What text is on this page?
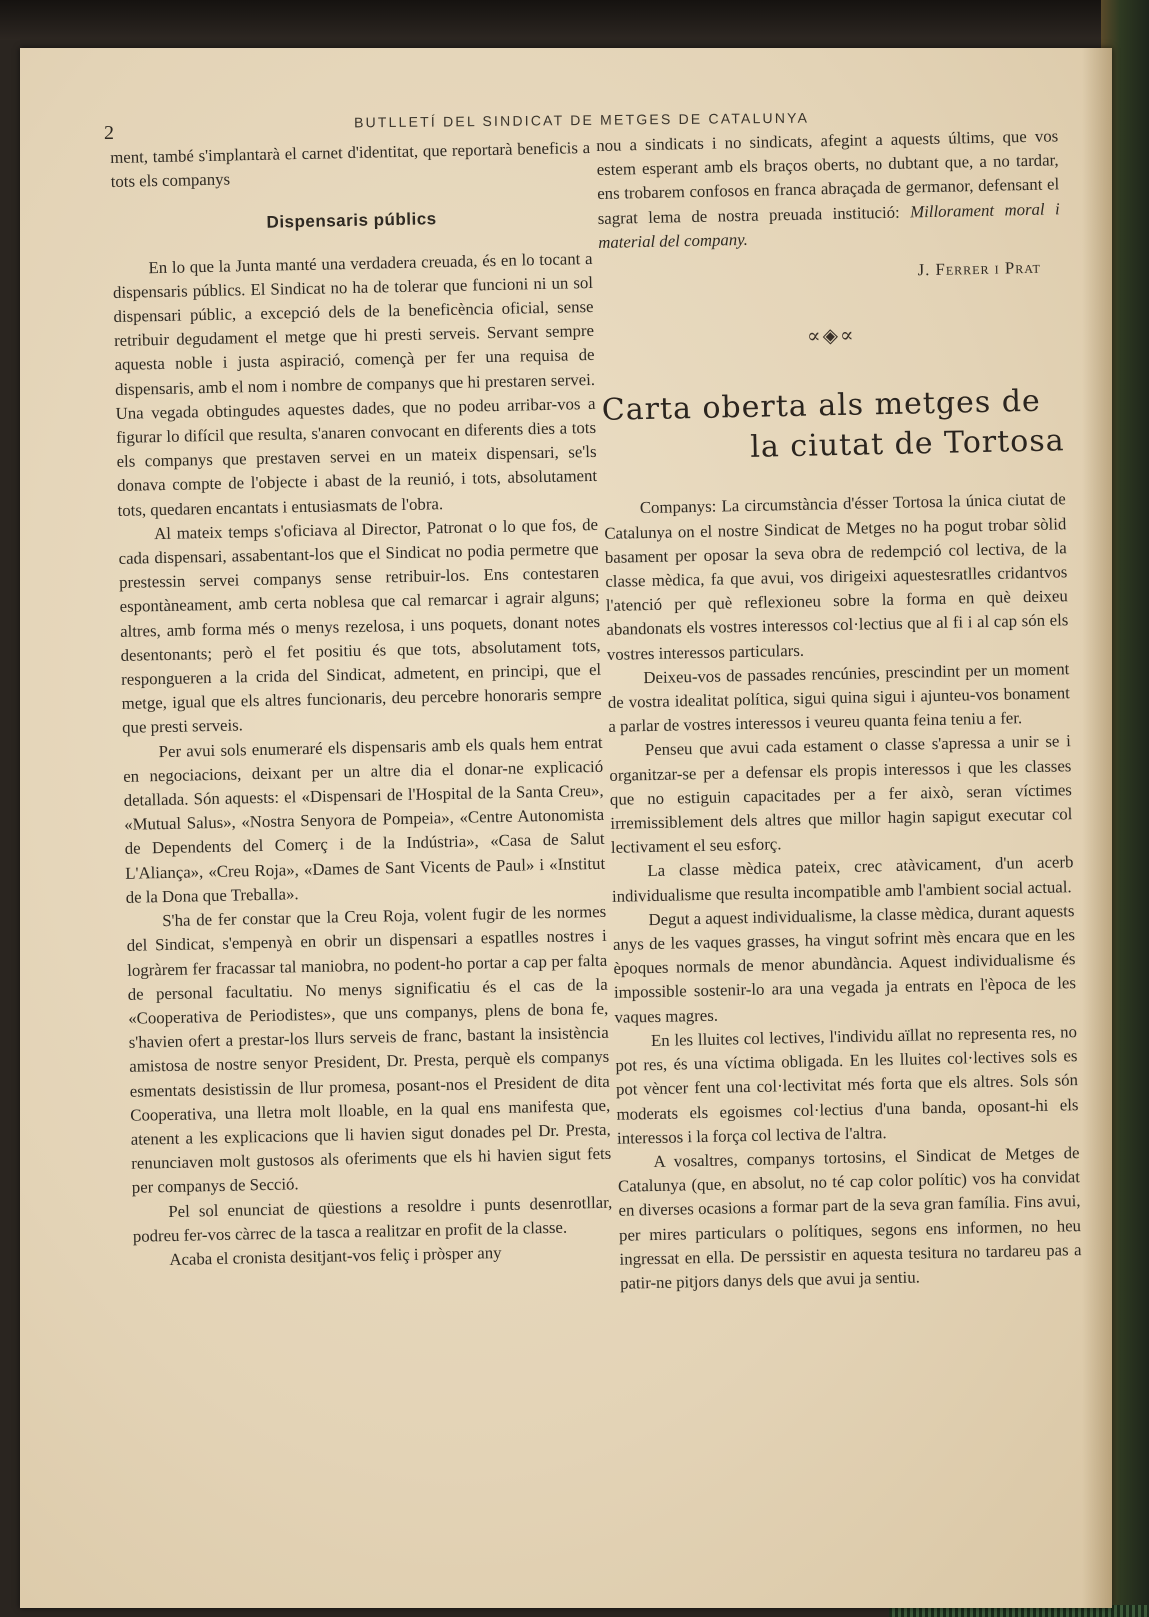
2
BUTLLETÍ DEL SINDICAT DE METGES DE CATALUNYA

ment, també s'implantarà el carnet d'identitat, que reportarà beneficis a tots els companys

Dispensaris públics

En lo que la Junta manté una verdadera creuada, és en lo tocant a dispensaris públics. El Sindicat no ha de tolerar que funcioni ni un sol dispensari públic, a excepció dels de la beneficència oficial, sense retribuir degudament el metge que hi presti serveis. Servant sempre aquesta noble i justa aspiració, començà per fer una requisa de dispensaris, amb el nom i nombre de companys que hi prestaren servei. Una vegada obtingudes aquestes dades, que no podeu arribar-vos a figurar lo difícil que resulta, s'anaren convocant en diferents dies a tots els companys que prestaven servei en un mateix dispensari, se'ls donava compte de l'objecte i abast de la reunió, i tots, absolutament tots, quedaren encantats i entusiasmats de l'obra.

Al mateix temps s'oficiava al Director, Patronat o lo que fos, de cada dispensari, assabentant-los que el Sindicat no podia permetre que prestessin servei companys sense retribuir-los. Ens contestaren espontàneament, amb certa noblesa que cal remarcar i agrair alguns; altres, amb forma més o menys rezelosa, i uns poquets, donant notes desentonants; però el fet positiu és que tots, absolutament tots, respongueren a la crida del Sindicat, admetent, en principi, que el metge, igual que els altres funcionaris, deu percebre honoraris sempre que presti serveis.

Per avui sols enumeraré els dispensaris amb els quals hem entrat en negociacions, deixant per un altre dia el donar-ne explicació detallada. Són aquests: el «Dispensari de l'Hospital de la Santa Creu», «Mutual Salus», «Nostra Senyora de Pompeia», «Centre Autonomista de Dependents del Comerç i de la Indústria», «Casa de Salut L'Aliança», «Creu Roja», «Dames de Sant Vicents de Paul» i «Institut de la Dona que Treballa».

S'ha de fer constar que la Creu Roja, volent fugir de les normes del Sindicat, s'empenyà en obrir un dispensari a espatlles nostres i logràrem fer fracassar tal maniobra, no podent-ho portar a cap per falta de personal facultatiu. No menys significatiu és el cas de la «Cooperativa de Periodistes», que uns companys, plens de bona fe, s'havien ofert a prestar-los llurs serveis de franc, bastant la insistència amistosa de nostre senyor President, Dr. Presta, perquè els companys esmentats desistissin de llur promesa, posant-nos el President de dita Cooperativa, una lletra molt lloable, en la qual ens manifesta que, atenent a les explicacions que li havien sigut donades pel Dr. Presta, renunciaven molt gustosos als oferiments que els hi havien sigut fets per companys de Secció.

Pel sol enunciat de qüestions a resoldre i punts desenrotllar, podreu fer-vos càrrec de la tasca a realitzar en profit de la classe.

Acaba el cronista desitjant-vos feliç i pròsper any

nou a sindicats i no sindicats, afegint a aquests últims, que vos estem esperant amb els braços oberts, no dubtant que, a no tardar, ens trobarem confosos en franca abraçada de germanor, defensant el sagrat lema de nostra preuada institució: Millorament moral i material del company.

J. Ferrer i Prat
∝◈∝
Carta oberta als metges de
la ciutat de Tortosa

Companys: La circumstància d'ésser Tortosa la única ciutat de Catalunya on el nostre Sindicat de Metges no ha pogut trobar sòlid basament per oposar la seva obra de redempció col lectiva, de la classe mèdica, fa que avui, vos dirigeixi aquestesratlles cridantvos l'atenció per què reflexioneu sobre la forma en què deixeu abandonats els vostres interessos col·lectius que al fi i al cap són els vostres interessos particulars.

Deixeu-vos de passades rencúnies, prescindint per un moment de vostra idealitat política, sigui quina sigui i ajunteu-vos bonament a parlar de vostres interessos i veureu quanta feina teniu a fer.

Penseu que avui cada estament o classe s'apressa a unir se i organitzar-se per a defensar els propis interessos i que les classes que no estiguin capacitades per a fer això, seran víctimes irremissiblement dels altres que millor hagin sapigut executar col lectivament el seu esforç.

La classe mèdica pateix, crec atàvicament, d'un acerb individualisme que resulta incompatible amb l'ambient social actual.

Degut a aquest individualisme, la classe mèdica, durant aquests anys de les vaques grasses, ha vingut sofrint mès encara que en les èpoques normals de menor abundància. Aquest individualisme és impossible sostenir-lo ara una vegada ja entrats en l'època de les vaques magres.

En les lluites col lectives, l'individu aïllat no representa res, no pot res, és una víctima obligada. En les lluites col·lectives sols es pot vèncer fent una col·lectivitat més forta que els altres. Sols són moderats els egoismes col·lectius d'una banda, oposant-hi els interessos i la força col lectiva de l'altra.

A vosaltres, companys tortosins, el Sindicat de Metges de Catalunya (que, en absolut, no té cap color polític) vos ha convidat en diverses ocasions a formar part de la seva gran família. Fins avui, per mires particulars o polítiques, segons ens informen, no heu ingressat en ella. De perssistir en aquesta tesitura no tardareu pas a patir-ne pitjors danys dels que avui ja sentiu.
